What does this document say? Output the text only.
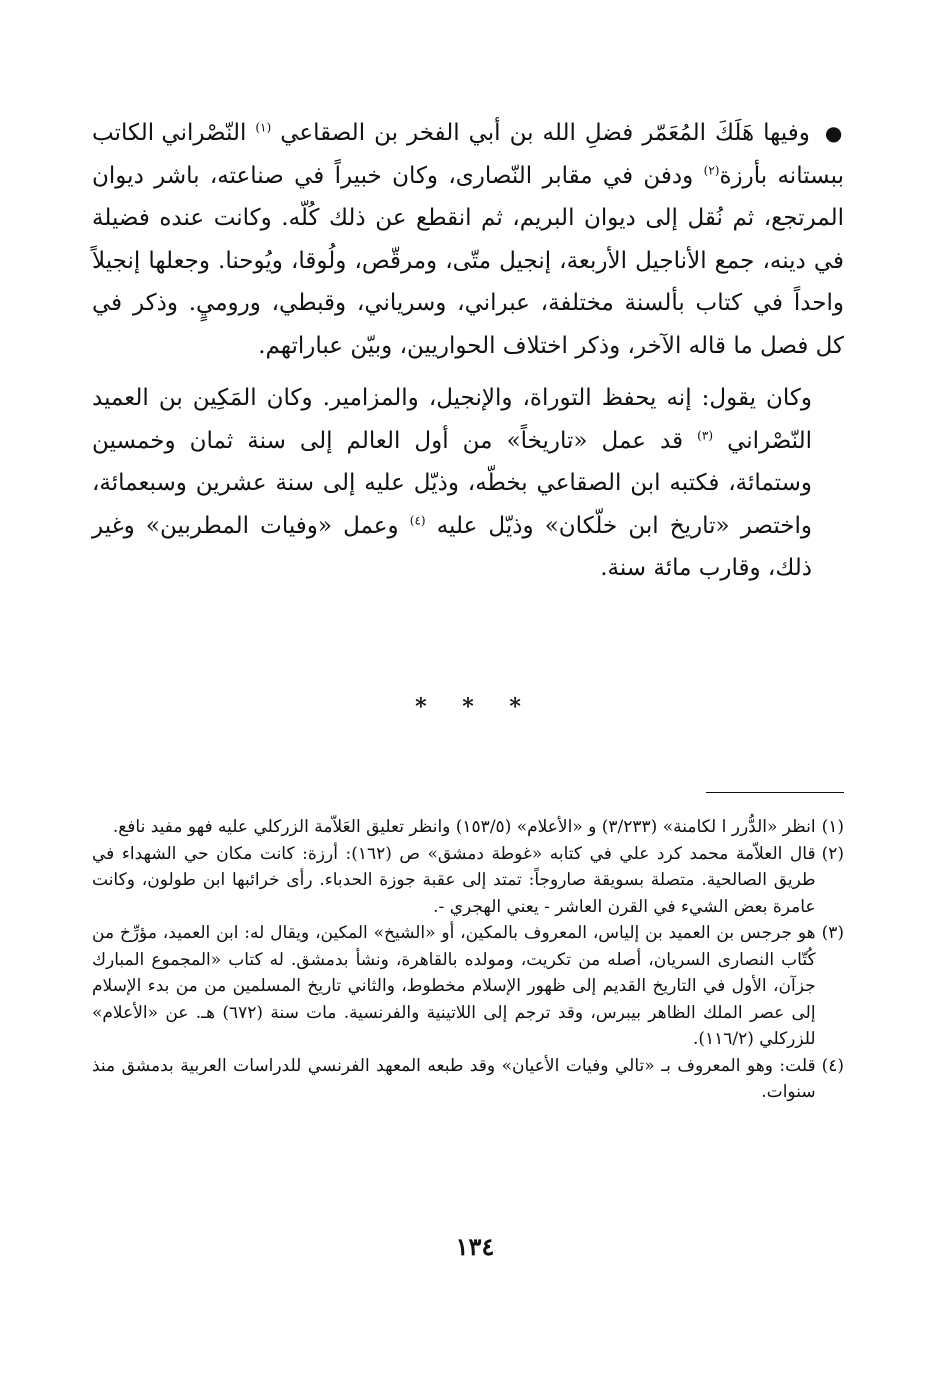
● وفيها هَلَكَ المُعَمّر فضلِ الله بن أبي الفخر بن الصقاعي $^{(١)}$ النّصْراني الكاتب ببستانه بأرزة$^{(٢)}$ ودفن في مقابر النّصارى، وكان خبيراً في صناعته، باشر ديوان المرتجع، ثم نُقل إلى ديوان البريم، ثم انقطع عن ذلك كُلّه. وكانت عنده فضيلة في دينه، جمع الأناجيل الأربعة، إنجيل متّى، ومرقّص، ولُوقا، ويُوحنا. وجعلها إنجيلاً واحداً في كتاب بألسنة مختلفة، عبراني، وسرياني، وقبطي، وروميٍ. وذكر في كل فصل ما قاله الآخر، وذكر اختلاف الحواريين، وبيّن عباراتهم.

وكان يقول: إنه يحفظ التوراة، والإنجيل، والمزامير. وكان المَكِين بن العميد النّصْراني $^{(٣)}$ قد عمل «تاريخاً» من أول العالم إلى سنة ثمان وخمسين وستمائة، فكتبه ابن الصقاعي بخطّه، وذيّل عليه إلى سنة عشرين وسبعمائة، واختصر «تاريخ ابن خلّكان» وذيّل عليه $^{(٤)}$ وعمل «وفيات المطربين» وغير ذلك، وقارب مائة سنة.

* * *
(١)
انظر «الدُّرر ا لكامنة» (٣/٢٣٣) و «الأعلام» (١٥٣/٥) وانظر تعليق العَلاّمة الزركلي عليه فهو مفيد نافع.
(٢)
قال العلاّمة محمد كرد علي في كتابه «غوطة دمشق» ص (١٦٢): أرزة: كانت مكان حي الشهداء في طريق الصالحية. متصلة بسويقة صاروجاً: تمتد إلى عقبة جوزة الحدباء. رأى خرائبها ابن طولون، وكانت عامرة بعض الشيء في القرن العاشر - يعني الهجري -.
(٣)
هو جرجس بن العميد بن إلياس، المعروف بالمكين، أو «الشيخ» المكين، ويقال له: ابن العميد، مؤرِّخ من كُتّاب النصارى السريان، أصله من تكريت، ومولده بالقاهرة، ونشأ بدمشق. له كتاب «المجموع المبارك جزآن، الأول في التاريخ القديم إلى ظهور الإسلام مخطوط، والثاني تاريخ المسلمين من من بدء الإسلام إلى عصر الملك الظاهر بيبرس، وقد ترجم إلى اللاتينية والفرنسية. مات سنة (٦٧٢) هـ. عن «الأعلام» للزركلي (١١٦/٢).
(٤)
قلت: وهو المعروف بـ «تالي وفيات الأعيان» وقد طبعه المعهد الفرنسي للدراسات العربية بدمشق منذ سنوات.
١٣٤
